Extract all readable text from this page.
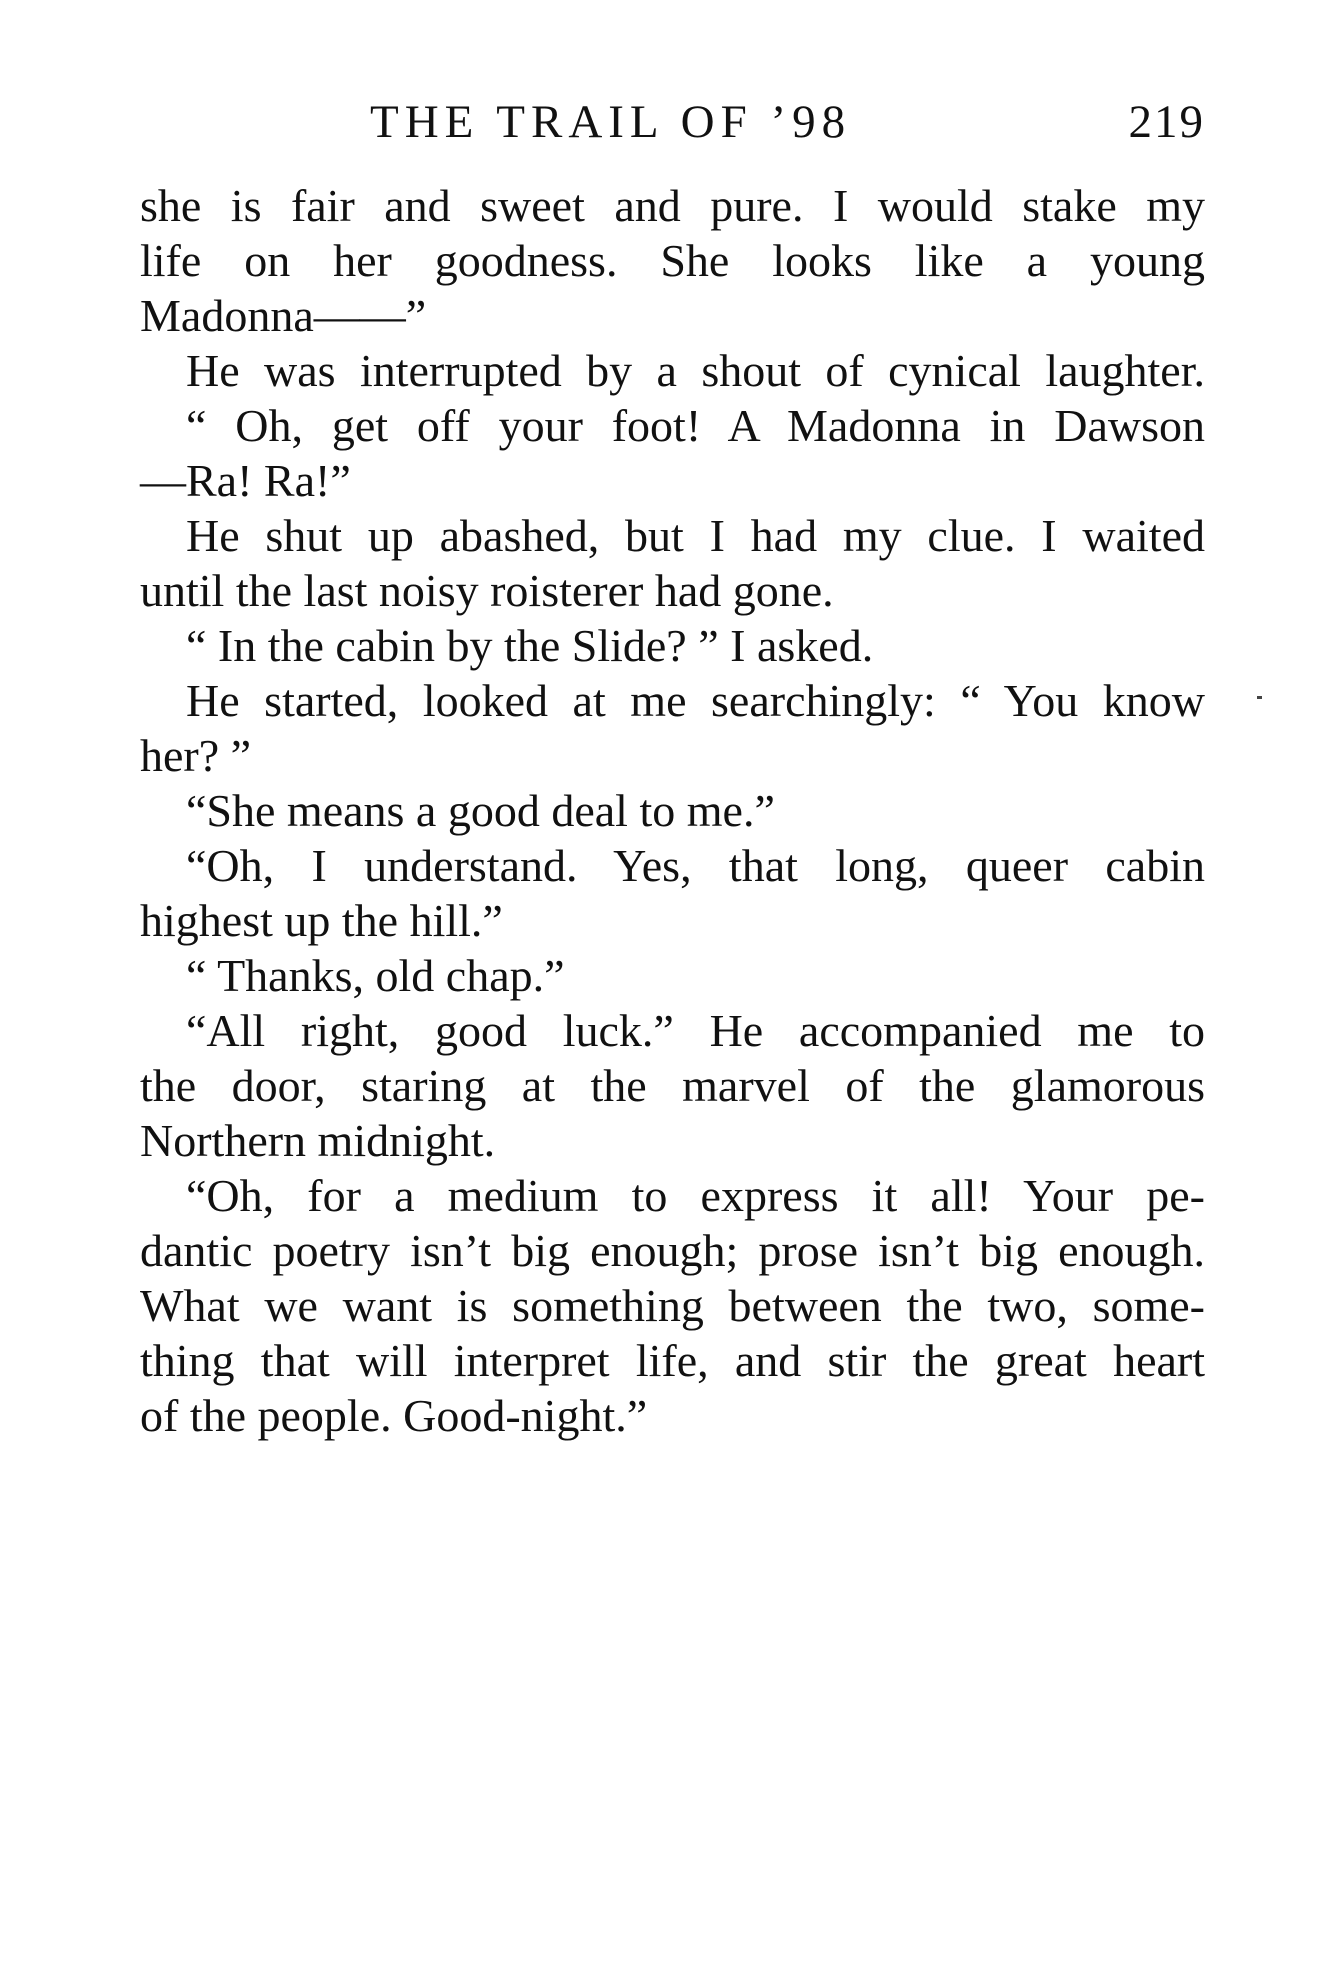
THE TRAIL OF ’98	219
she is fair and sweet and pure. I would stake my
life on her goodness. She looks like a young
Madonna——”
He was interrupted by a shout of cynical laughter.
“ Oh, get off your foot! A Madonna in Dawson
—Ra! Ra!”
He shut up abashed, but I had my clue. I waited
until the last noisy roisterer had gone.
“ In the cabin by the Slide? ” I asked.
He started, looked at me searchingly: “ You know
her? ”
“She means a good deal to me.”
“Oh, I understand. Yes, that long, queer cabin
highest up the hill.”
“ Thanks, old chap.”
“All right, good luck.” He accompanied me to
the door, staring at the marvel of the glamorous
Northern midnight.
“Oh, for a medium to express it all! Your pe-
dantic poetry isn’t big enough; prose isn’t big enough.
What we want is something between the two, some-
thing that will interpret life, and stir the great heart
of the people. Good-night.”
